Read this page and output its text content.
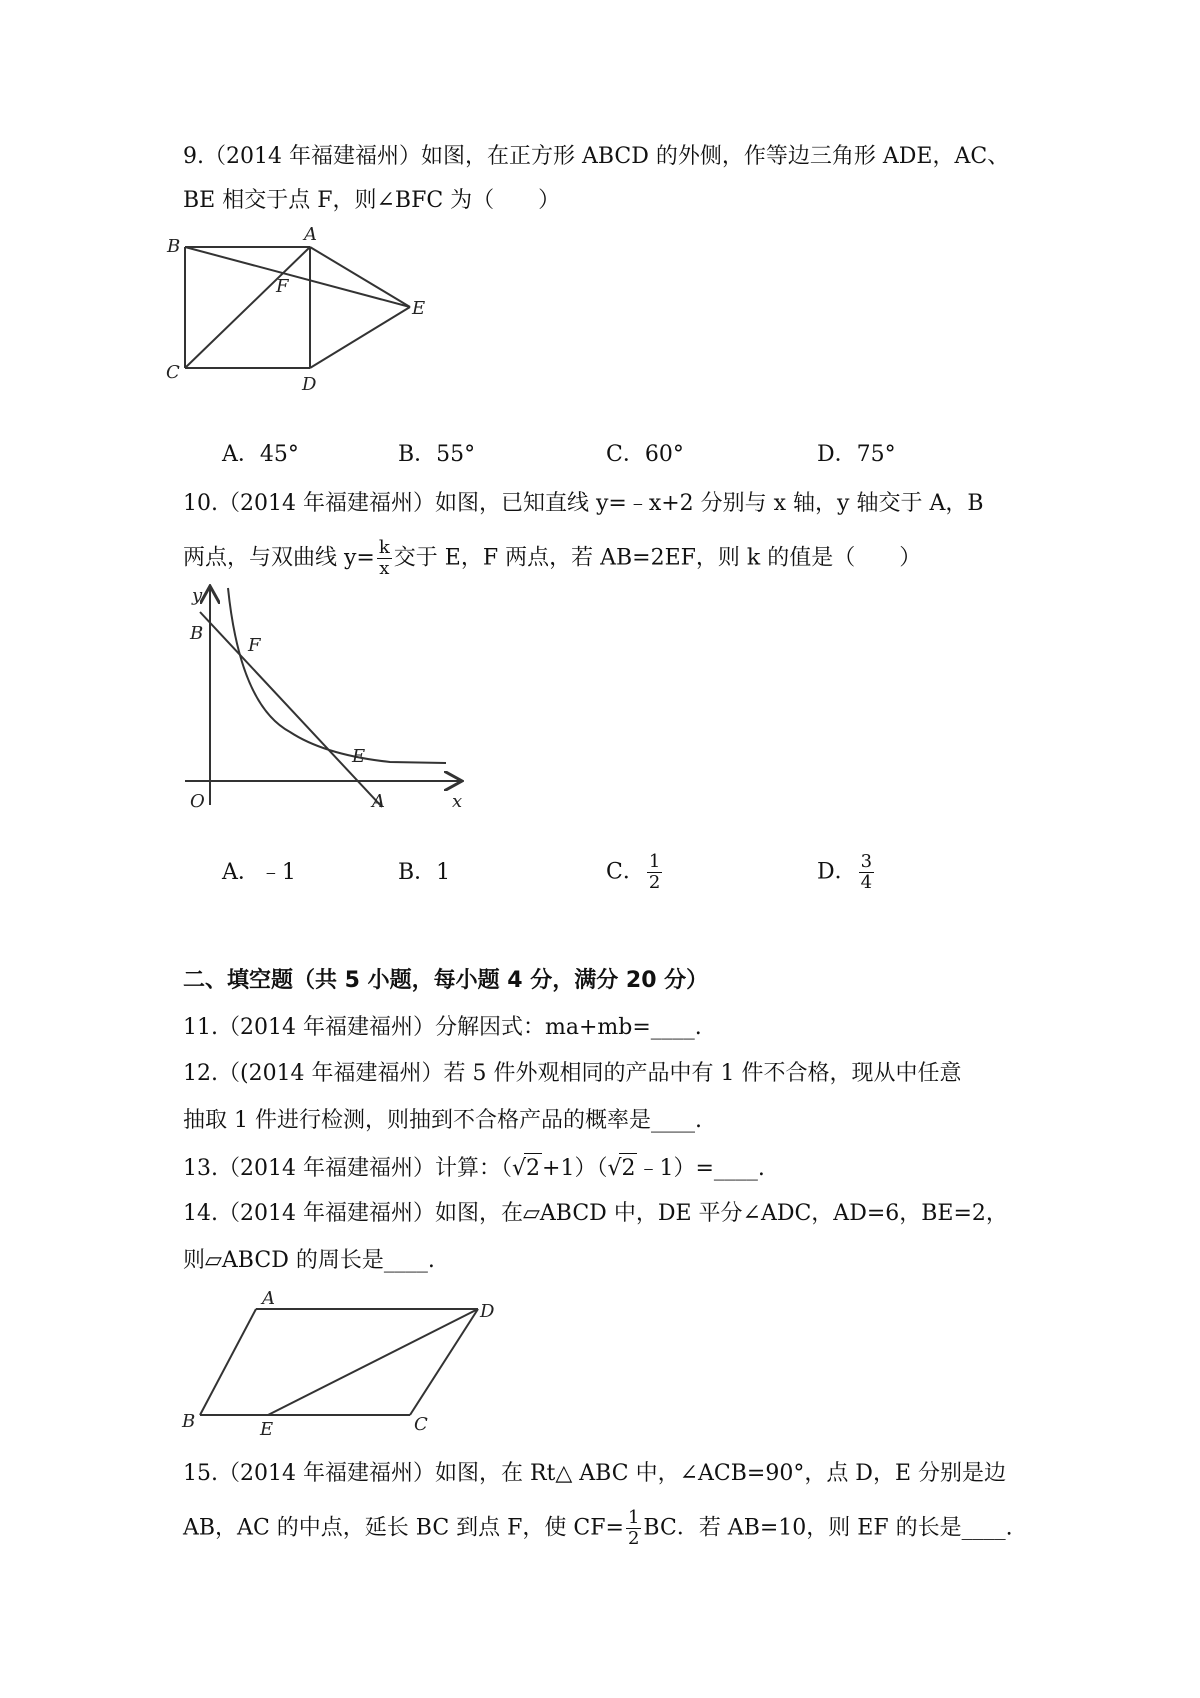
9.（2014 年福建福州）如图，在正方形 ABCD 的外侧，作等边三角形 ADE，AC、
BE 相交于点 F，则∠BFC 为（　　）
B
A
F
E
C
D
A．45°	B．55°	C．60°	D．75°
10.（2014 年福建福州）如图，已知直线 y=﹣x+2 分别与 x 轴，y 轴交于 A，B
两点，与双曲线 $y= \frac{k}{x}$ 交于 E，F 两点，若 AB=2EF，则 k 的值是（　　）
y
B
F
E
O	A	x
A．﹣1	B．1	C． $\frac{1}{2}$	D． $\frac{3}{4}$
二、填空题（共 5 小题，每小题 4 分，满分 20 分）
11.（2014 年福建福州）分解因式：ma+mb=____.
12.（(2014 年福建福州）若 5 件外观相同的产品中有 1 件不合格，现从中任意
抽取 1 件进行检测，则抽到不合格产品的概率是____.
13.（2014 年福建福州）计算：（√2+1）（√2﹣1）=____.
14.（2014 年福建福州）如图，在▱ABCD 中，DE 平分∠ADC，AD=6，BE=2，
则▱ABCD 的周长是____.
A
D
B	E	C
15.（2014 年福建福州）如图，在 Rt△ ABC 中，∠ACB=90°，点 D，E 分别是边
AB，AC 的中点，延长 BC 到点 F，使 $CF= \frac{1}{2}$ BC．若 AB=10，则 EF 的长是____.
